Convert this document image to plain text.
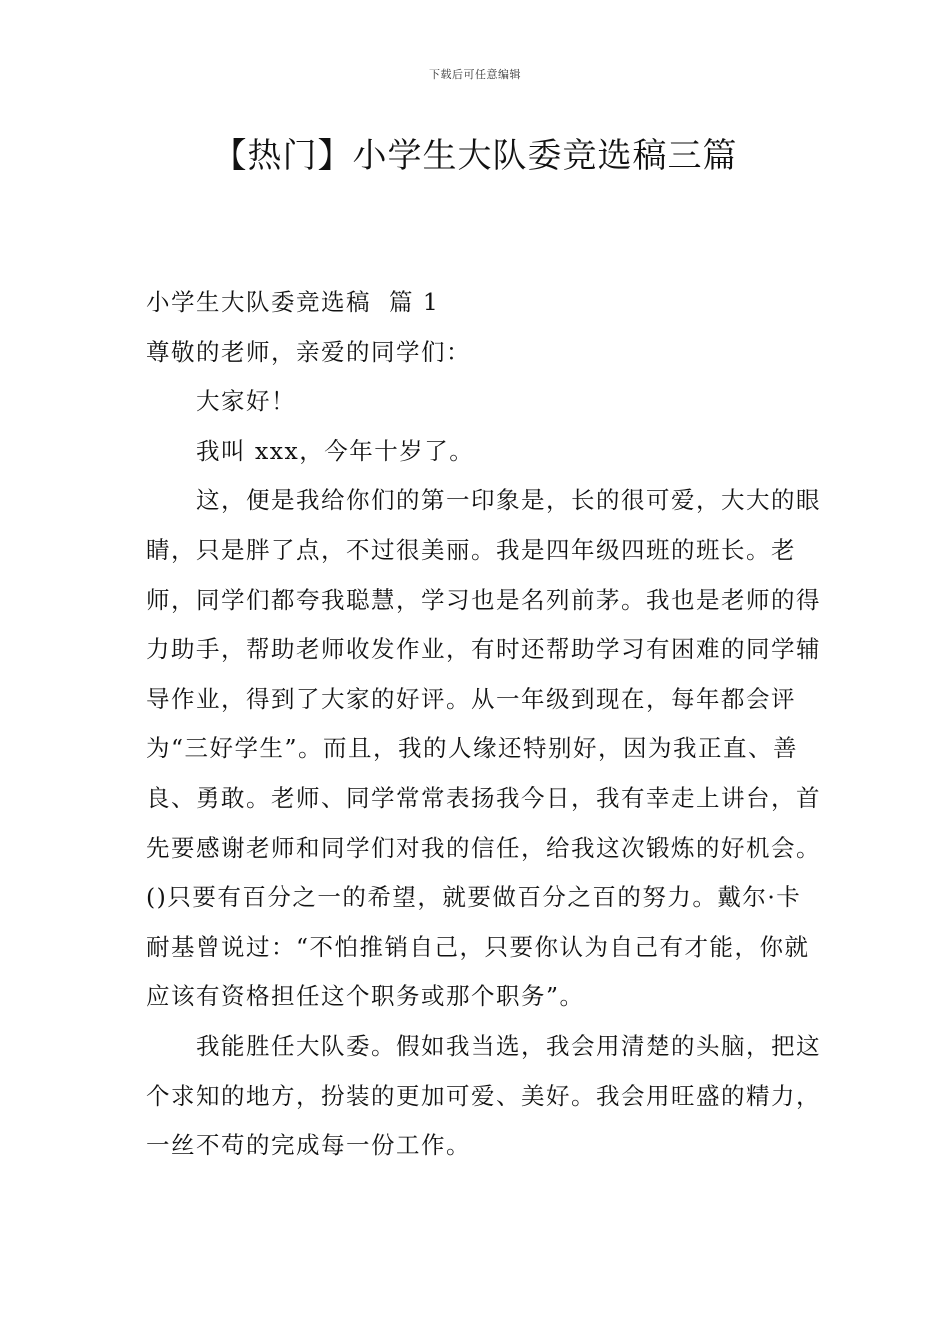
下载后可任意编辑
【热门】小学生大队委竞选稿三篇

小学生大队委竞选稿  篇 1

尊敬的老师，亲爱的同学们：

大家好！

我叫 xxx，今年十岁了。

这，便是我给你们的第一印象是，长的很可爱，大大的眼睛，只是胖了点，不过很美丽。我是四年级四班的班长。老师，同学们都夸我聪慧，学习也是名列前茅。我也是老师的得力助手，帮助老师收发作业，有时还帮助学习有困难的同学辅导作业，得到了大家的好评。从一年级到现在，每年都会评为“三好学生”。而且，我的人缘还特别好，因为我正直、善良、勇敢。老师、同学常常表扬我今日，我有幸走上讲台，首先要感谢老师和同学们对我的信任，给我这次锻炼的好机会。()只要有百分之一的希望，就要做百分之百的努力。戴尔·卡耐基曾说过：“不怕推销自己，只要你认为自己有才能，你就应该有资格担任这个职务或那个职务”。

我能胜任大队委。假如我当选，我会用清楚的头脑，把这个求知的地方，扮装的更加可爱、美好。我会用旺盛的精力，一丝不苟的完成每一份工作。
